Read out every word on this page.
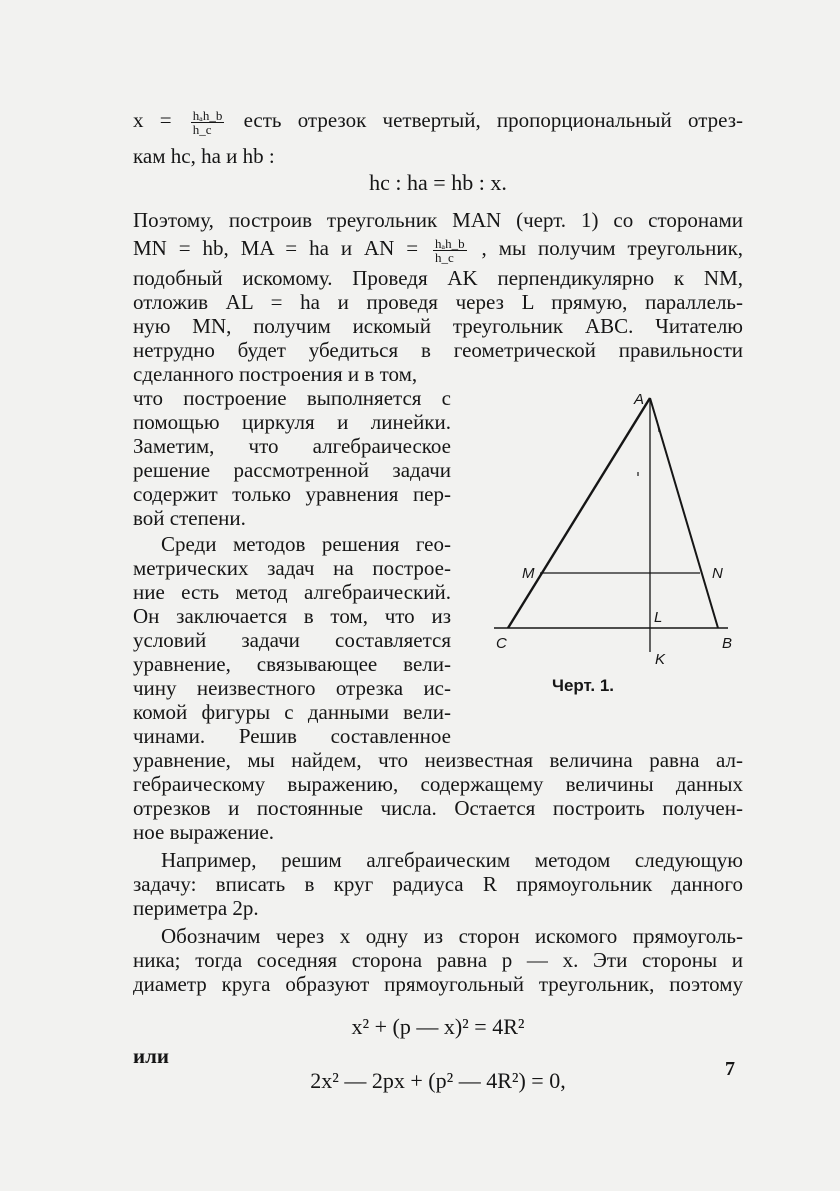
$x = \frac{\text{hₐh\_b}}{h\_c}$ есть отрезок четвертый, пропорциональный отрез-
кам hc, ha и hb :
hc : ha = hb : x.
Поэтому, построив треугольник MAN (черт. 1) со сторонами
MN = hb, MA = ha и AN = $\frac{\text{hₐh\_b}}{h\_c}$ , мы получим треугольник,
подобный искомому. Проведя AK перпендикулярно к NM,
отложив AL = ha и проведя через L прямую, параллель-
ную MN, получим искомый треугольник ABC. Читателю
нетрудно будет убедиться в геометрической правильности
сделанного построения и в том,
что построение выполняется с
помощью циркуля и линейки.
Заметим, что алгебраическое
решение рассмотренной задачи
содержит только уравнения пер-
вой степени.
Среди методов решения гео-
метрических задач на построе-
ние есть метод алгебраический.
Он заключается в том, что из
условий задачи составляется
уравнение, связывающее вели-
чину неизвестного отрезка ис-
комой фигуры с данными вели-
чинами. Решив составленное
уравнение, мы найдем, что неизвестная величина равна ал-
гебраическому выражению, содержащему величины данных
отрезков и постоянные числа. Остается построить получен-
ное выражение.
Например, решим алгебраическим методом следующую
задачу: вписать в круг радиуса R прямоугольник данного
периметра 2p.
Обозначим через x одну из сторон искомого прямоуголь-
ника; тогда соседняя сторона равна p — x. Эти стороны и
диаметр круга образуют прямоугольный треугольник, поэтому
x² + (p — x)² = 4R²
или
2x² — 2px + (p² — 4R²) = 0,
A
M	N
L
C	B
K
Черт. 1.
7
